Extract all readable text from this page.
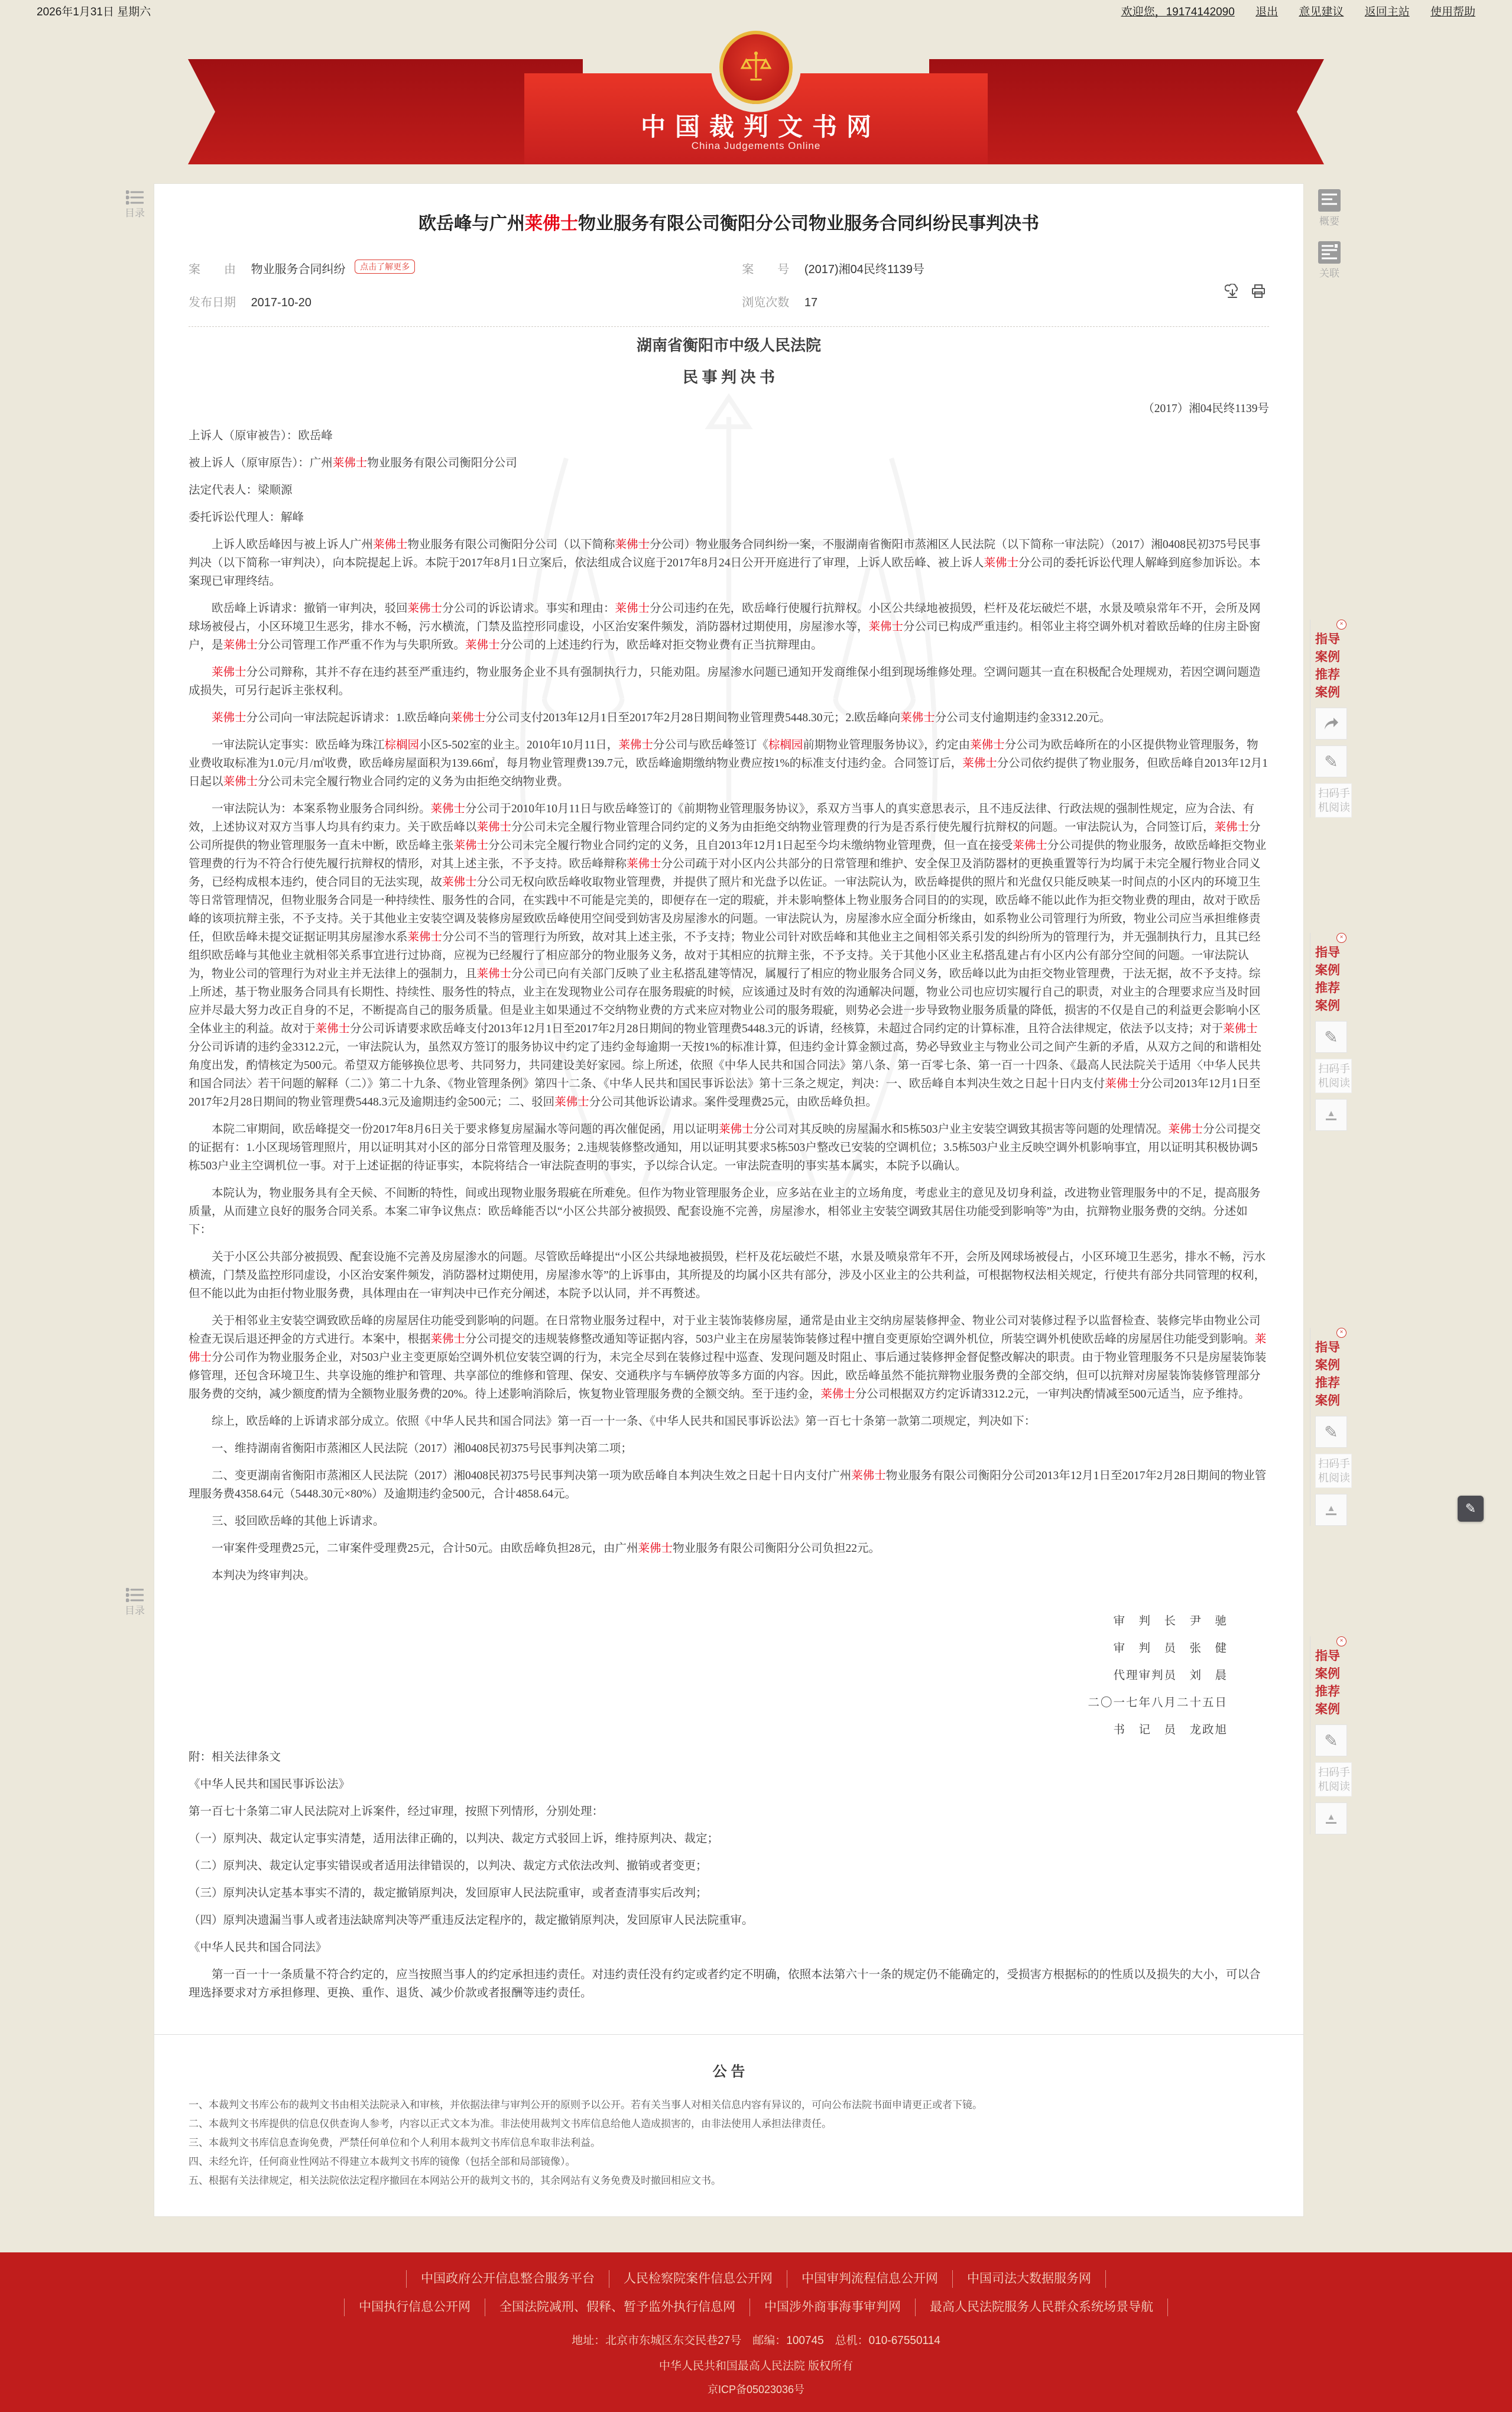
2026年1月31日 星期六	欢迎您，19174142090 退出 意见建议 返回主站 使用帮助
中国裁判文书网
China Judgements Online
目录
目录
概要
关联
×
指导案例
推荐案例
✎
扫码手机阅读
×
指导案例
推荐案例
✎
扫码手机阅读
▲
×
指导案例
推荐案例
✎
扫码手机阅读
▲
×
指导案例
推荐案例
✎
扫码手机阅读
▲
✎
欧岳峰与广州莱佛士物业服务有限公司衡阳分公司物业服务合同纠纷民事判决书
案　　由 物业服务合同纠纷 点击了解更多	案　　号 (2017)湘04民终1139号
发布日期 2017-10-20	浏览次数 17

湖南省衡阳市中级人民法院

民 事 判 决 书

（2017）湘04民终1139号

上诉人（原审被告）：欧岳峰

被上诉人（原审原告）：广州莱佛士物业服务有限公司衡阳分公司

法定代表人：梁顺源

委托诉讼代理人：解峰

上诉人欧岳峰因与被上诉人广州莱佛士物业服务有限公司衡阳分公司（以下简称莱佛士分公司）物业服务合同纠纷一案，不服湖南省衡阳市蒸湘区人民法院（以下简称一审法院）（2017）湘0408民初375号民事判决（以下简称一审判决），向本院提起上诉。本院于2017年8月1日立案后，依法组成合议庭于2017年8月24日公开开庭进行了审理，上诉人欧岳峰、被上诉人莱佛士分公司的委托诉讼代理人解峰到庭参加诉讼。本案现已审理终结。

欧岳峰上诉请求：撤销一审判决，驳回莱佛士分公司的诉讼请求。事实和理由：莱佛士分公司违约在先，欧岳峰行使履行抗辩权。小区公共绿地被损毁，栏杆及花坛破烂不堪，水景及喷泉常年不开，会所及网球场被侵占，小区环境卫生恶劣，排水不畅，污水横流，门禁及监控形同虚设，小区治安案件频发，消防器材过期使用，房屋渗水等，莱佛士分公司已构成严重违约。相邻业主将空调外机对着欧岳峰的住房主卧窗户，是莱佛士分公司管理工作严重不作为与失职所致。莱佛士分公司的上述违约行为，欧岳峰对拒交物业费有正当抗辩理由。

莱佛士分公司辩称，其并不存在违约甚至严重违约，物业服务企业不具有强制执行力，只能劝阻。房屋渗水问题已通知开发商维保小组到现场维修处理。空调问题其一直在积极配合处理规劝，若因空调问题造成损失，可另行起诉主张权利。

莱佛士分公司向一审法院起诉请求：1.欧岳峰向莱佛士分公司支付2013年12月1日至2017年2月28日期间物业管理费5448.30元；2.欧岳峰向莱佛士分公司支付逾期违约金3312.20元。

一审法院认定事实：欧岳峰为珠江棕榈园小区5-502室的业主。2010年10月11日，莱佛士分公司与欧岳峰签订《棕榈园前期物业管理服务协议》，约定由莱佛士分公司为欧岳峰所在的小区提供物业管理服务，物业费收取标准为1.0元/月/㎡收费，欧岳峰房屋面积为139.66㎡，每月物业管理费139.7元，欧岳峰逾期缴纳物业费应按1%的标准支付违约金。合同签订后，莱佛士分公司依约提供了物业服务，但欧岳峰自2013年12月1日起以莱佛士分公司未完全履行物业合同约定的义务为由拒绝交纳物业费。

一审法院认为：本案系物业服务合同纠纷。莱佛士分公司于2010年10月11日与欧岳峰签订的《前期物业管理服务协议》，系双方当事人的真实意思表示，且不违反法律、行政法规的强制性规定，应为合法、有效，上述协议对双方当事人均具有约束力。关于欧岳峰以莱佛士分公司未完全履行物业管理合同约定的义务为由拒绝交纳物业管理费的行为是否系行使先履行抗辩权的问题。一审法院认为，合同签订后，莱佛士分公司所提供的物业管理服务一直未中断，欧岳峰主张莱佛士分公司未完全履行物业合同约定的义务，且自2013年12月1日起至今均未缴纳物业管理费，但一直在接受莱佛士分公司提供的物业服务，故欧岳峰拒交物业管理费的行为不符合行使先履行抗辩权的情形，对其上述主张，不予支持。欧岳峰辩称莱佛士分公司疏于对小区内公共部分的日常管理和维护、安全保卫及消防器材的更换重置等行为均属于未完全履行物业合同义务，已经构成根本违约，使合同目的无法实现，故莱佛士分公司无权向欧岳峰收取物业管理费，并提供了照片和光盘予以佐证。一审法院认为，欧岳峰提供的照片和光盘仅只能反映某一时间点的小区内的环境卫生等日常管理情况，但物业服务合同是一种持续性、服务性的合同，在实践中不可能是完美的，即便存在一定的瑕疵，并未影响整体上物业服务合同目的的实现，欧岳峰不能以此作为拒交物业费的理由，故对于欧岳峰的该项抗辩主张，不予支持。关于其他业主安装空调及装修房屋致欧岳峰使用空间受到妨害及房屋渗水的问题。一审法院认为，房屋渗水应全面分析缘由，如系物业公司管理行为所致，物业公司应当承担维修责任，但欧岳峰未提交证据证明其房屋渗水系莱佛士分公司不当的管理行为所致，故对其上述主张，不予支持；物业公司针对欧岳峰和其他业主之间相邻关系引发的纠纷所为的管理行为，并无强制执行力，且其已经组织欧岳峰与其他业主就相邻关系事宜进行过协商，应视为已经履行了相应部分的物业服务义务，故对于其相应的抗辩主张，不予支持。关于其他小区业主私搭乱建占有小区内公有部分空间的问题。一审法院认为，物业公司的管理行为对业主并无法律上的强制力，且莱佛士分公司已向有关部门反映了业主私搭乱建等情况，属履行了相应的物业服务合同义务，欧岳峰以此为由拒交物业管理费，于法无据，故不予支持。综上所述，基于物业服务合同具有长期性、持续性、服务性的特点，业主在发现物业公司存在服务瑕疵的时候，应该通过及时有效的沟通解决问题，物业公司也应切实履行自己的职责，对业主的合理要求应当及时回应并尽最大努力改正自身的不足，不断提高自己的服务质量。但是业主如果通过不交纳物业费的方式来应对物业公司的服务瑕疵，则势必会进一步导致物业服务质量的降低，损害的不仅是自己的利益更会影响小区全体业主的利益。故对于莱佛士分公司诉请要求欧岳峰支付2013年12月1日至2017年2月28日期间的物业管理费5448.3元的诉请，经核算，未超过合同约定的计算标准，且符合法律规定，依法予以支持；对于莱佛士分公司诉请的违约金3312.2元，一审法院认为，虽然双方签订的服务协议中约定了违约金每逾期一天按1%的标准计算，但违约金计算金额过高，势必导致业主与物业公司之间产生新的矛盾，从双方之间的和谐相处角度出发，酌情核定为500元。希望双方能够换位思考、共同努力，共同建设美好家园。综上所述，依照《中华人民共和国合同法》第八条、第一百零七条、第一百一十四条、《最高人民法院关于适用〈中华人民共和国合同法〉若干问题的解释（二）》第二十九条、《物业管理条例》第四十二条、《中华人民共和国民事诉讼法》第十三条之规定，判决：一、欧岳峰自本判决生效之日起十日内支付莱佛士分公司2013年12月1日至2017年2月28日期间的物业管理费5448.3元及逾期违约金500元；二、驳回莱佛士分公司其他诉讼请求。案件受理费25元，由欧岳峰负担。

本院二审期间，欧岳峰提交一份2017年8月6日关于要求修复房屋漏水等问题的再次催促函，用以证明莱佛士分公司对其反映的房屋漏水和5栋503户业主安装空调致其损害等问题的处理情况。莱佛士分公司提交的证据有：1.小区现场管理照片，用以证明其对小区的部分日常管理及服务；2.违规装修整改通知，用以证明其要求5栋503户整改已安装的空调机位；3.5栋503户业主反映空调外机影响事宜，用以证明其积极协调5栋503户业主空调机位一事。对于上述证据的待证事实，本院将结合一审法院查明的事实，予以综合认定。一审法院查明的事实基本属实，本院予以确认。

本院认为，物业服务具有全天候、不间断的特性，间或出现物业服务瑕疵在所难免。但作为物业管理服务企业，应多站在业主的立场角度，考虑业主的意见及切身利益，改进物业管理服务中的不足，提高服务质量，从而建立良好的服务合同关系。本案二审争议焦点：欧岳峰能否以“小区公共部分被损毁、配套设施不完善，房屋渗水，相邻业主安装空调致其居住功能受到影响等”为由，抗辩物业服务费的交纳。分述如下：

关于小区公共部分被损毁、配套设施不完善及房屋渗水的问题。尽管欧岳峰提出“小区公共绿地被损毁，栏杆及花坛破烂不堪，水景及喷泉常年不开，会所及网球场被侵占，小区环境卫生恶劣，排水不畅，污水横流，门禁及监控形同虚设，小区治安案件频发，消防器材过期使用，房屋渗水等”的上诉事由，其所提及的均属小区共有部分，涉及小区业主的公共利益，可根据物权法相关规定，行使共有部分共同管理的权利，但不能以此为由拒付物业服务费，具体理由在一审判决中已作充分阐述，本院予以认同，并不再赘述。

关于相邻业主安装空调致欧岳峰的房屋居住功能受到影响的问题。在日常物业服务过程中，对于业主装饰装修房屋，通常是由业主交纳房屋装修押金、物业公司对装修过程予以监督检查、装修完毕由物业公司检查无误后退还押金的方式进行。本案中，根据莱佛士分公司提交的违规装修整改通知等证据内容，503户业主在房屋装饰装修过程中擅自变更原始空调外机位，所装空调外机使欧岳峰的房屋居住功能受到影响。莱佛士分公司作为物业服务企业，对503户业主变更原始空调外机位安装空调的行为，未完全尽到在装修过程中巡查、发现问题及时阻止、事后通过装修押金督促整改解决的职责。由于物业管理服务不只是房屋装饰装修管理，还包含环境卫生、共享设施的维护和管理、共享部位的维修和管理、保安、交通秩序与车辆停放等多方面的内容。因此，欧岳峰虽然不能抗辩物业服务费的全部交纳，但可以抗辩对房屋装饰装修管理部分服务费的交纳，减少额度酌情为全额物业服务费的20%。待上述影响消除后，恢复物业管理服务费的全额交纳。至于违约金，莱佛士分公司根据双方约定诉请3312.2元，一审判决酌情减至500元适当，应予维持。

综上，欧岳峰的上诉请求部分成立。依照《中华人民共和国合同法》第一百一十一条、《中华人民共和国民事诉讼法》第一百七十条第一款第二项规定，判决如下：

一、维持湖南省衡阳市蒸湘区人民法院（2017）湘0408民初375号民事判决第二项；

二、变更湖南省衡阳市蒸湘区人民法院（2017）湘0408民初375号民事判决第一项为欧岳峰自本判决生效之日起十日内支付广州莱佛士物业服务有限公司衡阳分公司2013年12月1日至2017年2月28日期间的物业管理服务费4358.64元（5448.30元×80%）及逾期违约金500元，合计4858.64元。

三、驳回欧岳峰的其他上诉请求。

一审案件受理费25元，二审案件受理费25元，合计50元。由欧岳峰负担28元，由广州莱佛士物业服务有限公司衡阳分公司负担22元。

本判决为终审判决。

审　判　长　尹　驰

审　判　员　张　健

代理审判员　刘　晨

二〇一七年八月二十五日

书　记　员　龙政旭

附：相关法律条文

《中华人民共和国民事诉讼法》

第一百七十条第二审人民法院对上诉案件，经过审理，按照下列情形，分别处理：

（一）原判决、裁定认定事实清楚，适用法律正确的，以判决、裁定方式驳回上诉，维持原判决、裁定；

（二）原判决、裁定认定事实错误或者适用法律错误的，以判决、裁定方式依法改判、撤销或者变更；

（三）原判决认定基本事实不清的，裁定撤销原判决，发回原审人民法院重审，或者查清事实后改判；

（四）原判决遗漏当事人或者违法缺席判决等严重违反法定程序的，裁定撤销原判决，发回原审人民法院重审。

《中华人民共和国合同法》

第一百一十一条质量不符合约定的，应当按照当事人的约定承担违约责任。对违约责任没有约定或者约定不明确，依照本法第六十一条的规定仍不能确定的，受损害方根据标的的性质以及损失的大小，可以合理选择要求对方承担修理、更换、重作、退货、减少价款或者报酬等违约责任。

公 告

一、本裁判文书库公布的裁判文书由相关法院录入和审核，并依据法律与审判公开的原则予以公开。若有关当事人对相关信息内容有异议的，可向公布法院书面申请更正或者下镜。

二、本裁判文书库提供的信息仅供查询人参考，内容以正式文本为准。非法使用裁判文书库信息给他人造成损害的，由非法使用人承担法律责任。

三、本裁判文书库信息查询免费，严禁任何单位和个人利用本裁判文书库信息牟取非法利益。

四、未经允许，任何商业性网站不得建立本裁判文书库的镜像（包括全部和局部镜像）。

五、根据有关法律规定，相关法院依法定程序撤回在本网站公开的裁判文书的，其余网站有义务免费及时撤回相应文书。

中国政府公开信息整合服务平台	人民检察院案件信息公开网	中国审判流程信息公开网	中国司法大数据服务网
中国执行信息公开网	全国法院减刑、假释、暂予监外执行信息网	中国涉外商事海事审判网	最高人民法院服务人民群众系统场景导航
地址：北京市东城区东交民巷27号　邮编：100745　总机：010-67550114
中华人民共和国最高人民法院 版权所有
京ICP备05023036号
